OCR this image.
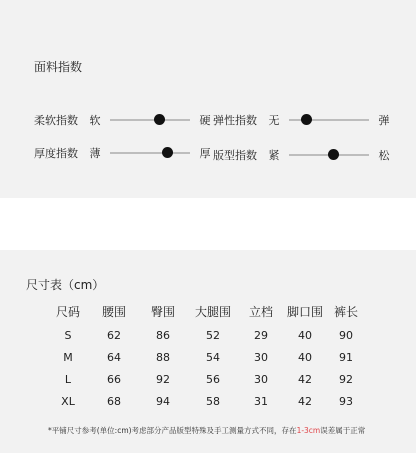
面料指数
柔软指数	软	硬 弹性指数	无	弹
厚度指数	薄	厚 版型指数	紧	松
尺寸表（cm）
尺码	腰围	臀围	大腿围	立档	脚口围	裤长
S	62	86	52	29	40	90
M	64	88	54	30	40	91
L	66	92	56	30	42	92
XL	68	94	58	31	42	93
*平铺尺寸参考(单位:cm)考虑部分产品版型特殊及手工测量方式不同，存在1-3cm误差属于正常
